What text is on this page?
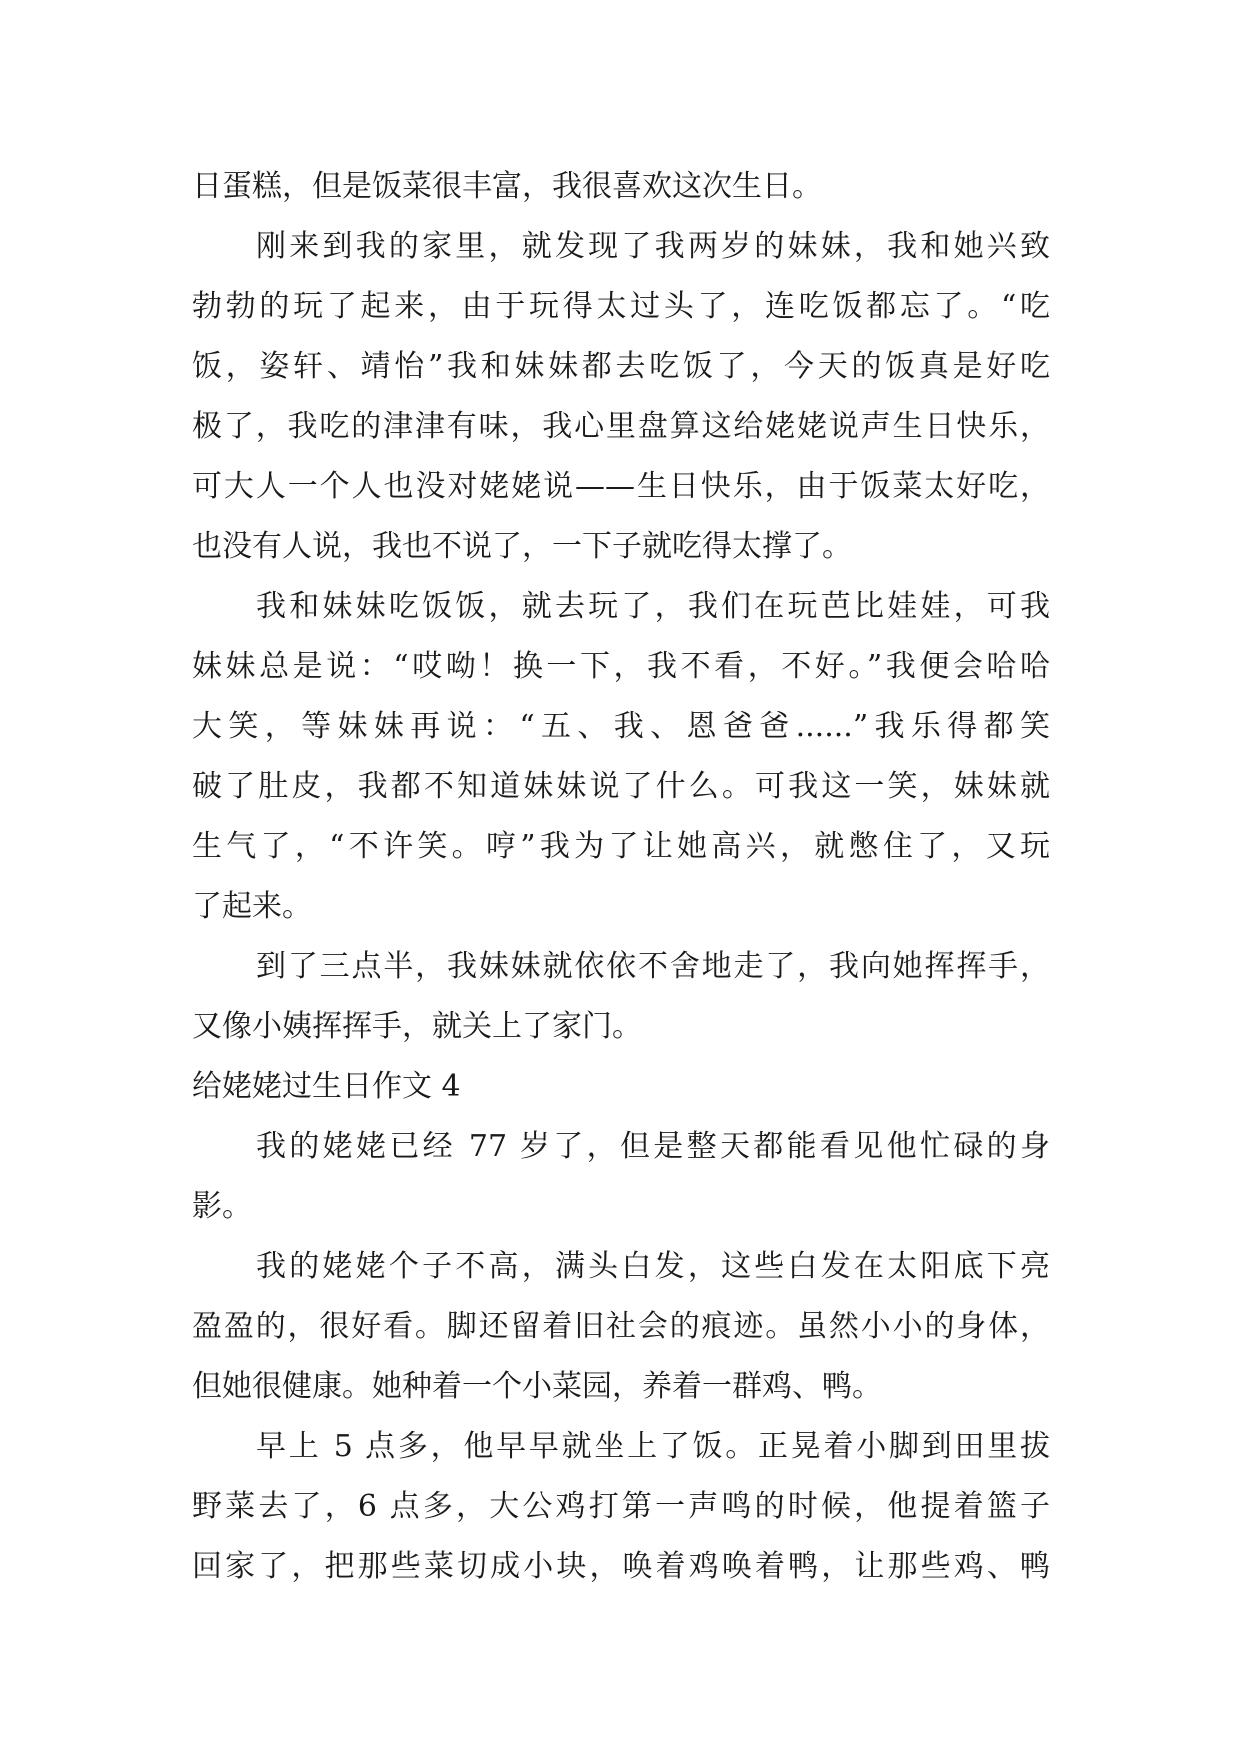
日蛋糕，但是饭菜很丰富，我很喜欢这次生日。
刚来到我的家里，就发现了我两岁的妹妹，我和她兴致
勃勃的玩了起来，由于玩得太过头了，连吃饭都忘了。“吃
饭，姿轩、靖怡”我和妹妹都去吃饭了，今天的饭真是好吃
极了，我吃的津津有味，我心里盘算这给姥姥说声生日快乐，
可大人一个人也没对姥姥说——生日快乐，由于饭菜太好吃，
也没有人说，我也不说了，一下子就吃得太撑了。
我和妹妹吃饭饭，就去玩了，我们在玩芭比娃娃，可我
妹妹总是说：“哎呦！换一下，我不看，不好。”我便会哈哈
大笑，等妹妹再说：“五、我、恩爸爸......”我乐得都笑
破了肚皮，我都不知道妹妹说了什么。可我这一笑，妹妹就
生气了，“不许笑。哼”我为了让她高兴，就憋住了，又玩
了起来。
到了三点半，我妹妹就依依不舍地走了，我向她挥挥手，
又像小姨挥挥手，就关上了家门。
给姥姥过生日作文 4
我的姥姥已经 77 岁了，但是整天都能看见他忙碌的身
影。
我的姥姥个子不高，满头白发，这些白发在太阳底下亮
盈盈的，很好看。脚还留着旧社会的痕迹。虽然小小的身体，
但她很健康。她种着一个小菜园，养着一群鸡、鸭。
早上 5 点多，他早早就坐上了饭。正晃着小脚到田里拔
野菜去了，6 点多，大公鸡打第一声鸣的时候，他提着篮子
回家了，把那些菜切成小块，唤着鸡唤着鸭，让那些鸡、鸭
